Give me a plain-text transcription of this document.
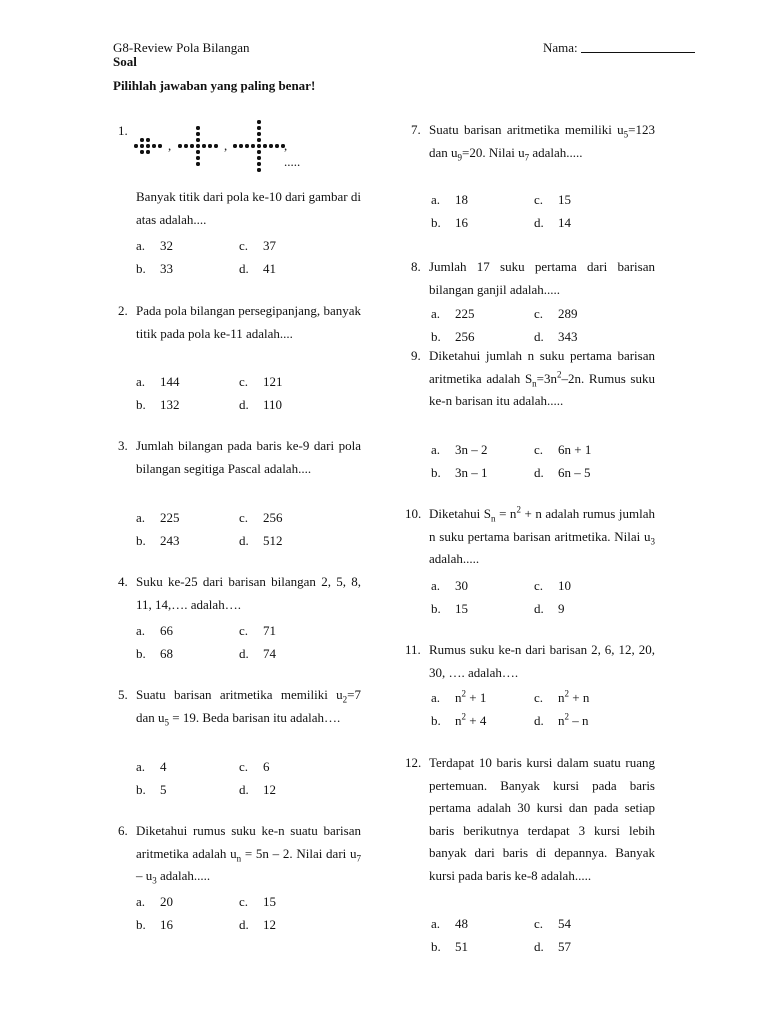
G8-Review Pola Bilangan	Nama:
Soal
Pilihlah jawaban yang paling benar!
,	,	, .....
1.
Banyak titik dari pola ke-10 dari gambar di atas adalah....
a. 32	c. 37
b. 33	d. 41
2. Pada pola bilangan persegipanjang, banyak titik pada pola ke-11 adalah....
a. 144	c. 121
b. 132	d. 110
3. Jumlah bilangan pada baris ke-9 dari pola bilangan segitiga Pascal adalah....
a. 225	c. 256
b. 243	d. 512
4. Suku ke-25 dari barisan bilangan 2, 5, 8, 11, 14,…. adalah….
a. 66	c. 71
b. 68	d. 74
5. Suatu barisan aritmetika memiliki $u_2=7$ dan $u_5 = 19$. Beda barisan itu adalah….
a. 4	c. 6
b. 5	d. 12
6. Diketahui rumus suku ke-n suatu barisan aritmetika adalah $u_n = 5n - 2$. Nilai dari $u_7 - u_3$ adalah.....
a. 20	c. 15
b. 16	d. 12
7. Suatu barisan aritmetika memiliki $u_5=123$ dan $u_9=20$. Nilai $u_7$ adalah.....
a. 18	c. 15
b. 16	d. 14
8. Jumlah 17 suku pertama dari barisan bilangan ganjil adalah.....
a. 225	c. 289
b. 256	d. 343
9. Diketahui jumlah n suku pertama barisan aritmetika adalah $S_n=3n^2-2n$. Rumus suku ke-n barisan itu adalah.....
a. 3n – 2	c. 6n + 1
b. 3n – 1	d. 6n – 5
10. Diketahui $S_n = n^2 + n$ adalah rumus jumlah n suku pertama barisan aritmetika. Nilai $u_3$ adalah.....
a. 30	c. 10
b. 15	d. 9
11. Rumus suku ke-n dari barisan 2, 6, 12, 20, 30, …. adalah….
a. $n^2 + 1$	c. $n^2 + n$
b. $n^2 + 4$	d. $n^2$ – n
12. Terdapat 10 baris kursi dalam suatu ruang pertemuan. Banyak kursi pada baris pertama adalah 30 kursi dan pada setiap baris berikutnya terdapat 3 kursi lebih banyak dari baris di depannya. Banyak kursi pada baris ke-8 adalah.....
a. 48	c. 54
b. 51	d. 57
